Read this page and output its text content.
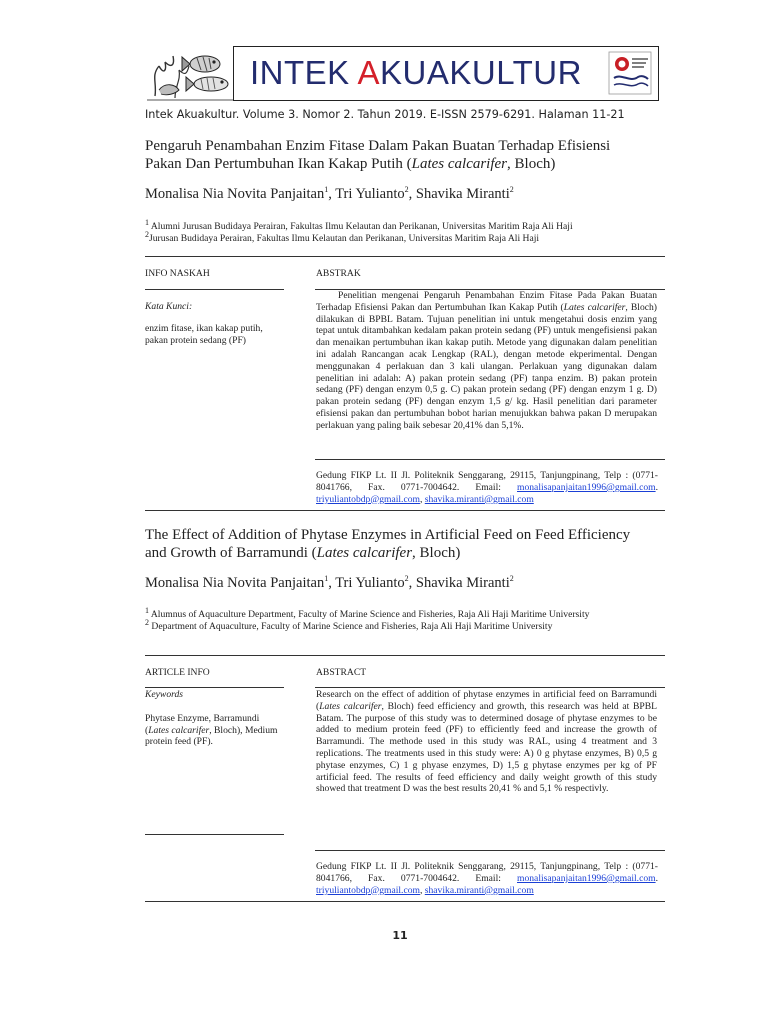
INTEK AKUAKULTUR
Intek Akuakultur. Volume 3. Nomor 2. Tahun 2019. E-ISSN 2579-6291. Halaman 11-21
Pengaruh Penambahan Enzim Fitase Dalam Pakan Buatan Terhadap Efisiensi
Pakan Dan Pertumbuhan Ikan Kakap Putih (Lates calcarifer, Bloch)
Monalisa Nia Novita Panjaitan$^1$, Tri Yulianto$^2$, Shavika Miranti$^2$
$^1$ Alumni Jurusan Budidaya Perairan, Fakultas Ilmu Kelautan dan Perikanan, Universitas Maritim Raja Ali Haji
$^2$Jurusan Budidaya Perairan, Fakultas Ilmu Kelautan dan Perikanan, Universitas Maritim Raja Ali Haji
INFO NASKAH	ABSTRAK
Kata Kunci:
enzim fitase, ikan kakap putih, pakan protein sedang (PF)
Penelitian mengenai Pengaruh Penambahan Enzim Fitase Pada Pakan Buatan Terhadap Efisiensi Pakan dan Pertumbuhan Ikan Kakap Putih (Lates calcarifer, Bloch) dilakukan di BPBL Batam. Tujuan penelitian ini untuk mengetahui dosis enzim yang tepat untuk ditambahkan kedalam pakan protein sedang (PF) untuk mengefisiensi pakan dan menaikan pertumbuhan ikan kakap putih. Metode yang digunakan dalam penelitian ini adalah Rancangan acak Lengkap (RAL), dengan metode ekperimental. Dengan menggunakan 4 perlakuan dan 3 kali ulangan. Perlakuan yang digunakan dalam penelitian ini adalah: A) pakan protein sedang (PF) tanpa enzim. B) pakan protein sedang (PF) dengan enzym 0,5 g. C) pakan protein sedang (PF) dengan enzym 1 g. D) pakan protein sedang (PF) dengan enzym 1,5 g/ kg. Hasil penelitian dari parameter efisiensi pakan dan pertumbuhan bobot harian menujukkan bahwa pakan D merupakan perlakuan yang paling baik sebesar 20,41% dan 5,1%.
Gedung FIKP Lt. II Jl. Politeknik Senggarang, 29115, Tanjungpinang, Telp : (0771-8041766, Fax. 0771-7004642. Email: monalisapanjaitan1996@gmail.com. triyuliantobdp@gmail.com, shavika.miranti@gmail.com
The Effect of Addition of Phytase Enzymes in Artificial Feed on Feed Efficiency
and Growth of Barramundi (Lates calcarifer, Bloch)
Monalisa Nia Novita Panjaitan$^1$, Tri Yulianto$^2$, Shavika Miranti$^2$
$^1$ Alumnus of Aquaculture Department, Faculty of Marine Science and Fisheries, Raja Ali Haji Maritime University
$^2$ Department of Aquaculture, Faculty of Marine Science and Fisheries, Raja Ali Haji Maritime University
ARTICLE INFO	ABSTRACT
Keywords
Phytase Enzyme, Barramundi (Lates calcarifer, Bloch), Medium protein feed (PF).
Research on the effect of addition of phytase enzymes in artificial feed on Barramundi (Lates calcarifer, Bloch) feed efficiency and growth, this research was held at BPBL Batam. The purpose of this study was to determined dosage of phytase enzymes to be added to medium protein feed (PF) to efficiently feed and increase the growth of Barramundi. The methode used in this study was RAL, using 4 treatment and 3 replications. The treatments used in this study were: A) 0 g phytase enzymes, B) 0,5 g phytase enzymes, C) 1 g phyase enzymes, D) 1,5 g phytase enzymes per kg of PF artificial feed. The results of feed efficiency and daily weight growth of this study showed that treatment D was the best results 20,41 % and 5,1 % respectivly.
Gedung FIKP Lt. II Jl. Politeknik Senggarang, 29115, Tanjungpinang, Telp : (0771-8041766, Fax. 0771-7004642. Email: monalisapanjaitan1996@gmail.com. triyuliantobdp@gmail.com, shavika.miranti@gmail.com
11
